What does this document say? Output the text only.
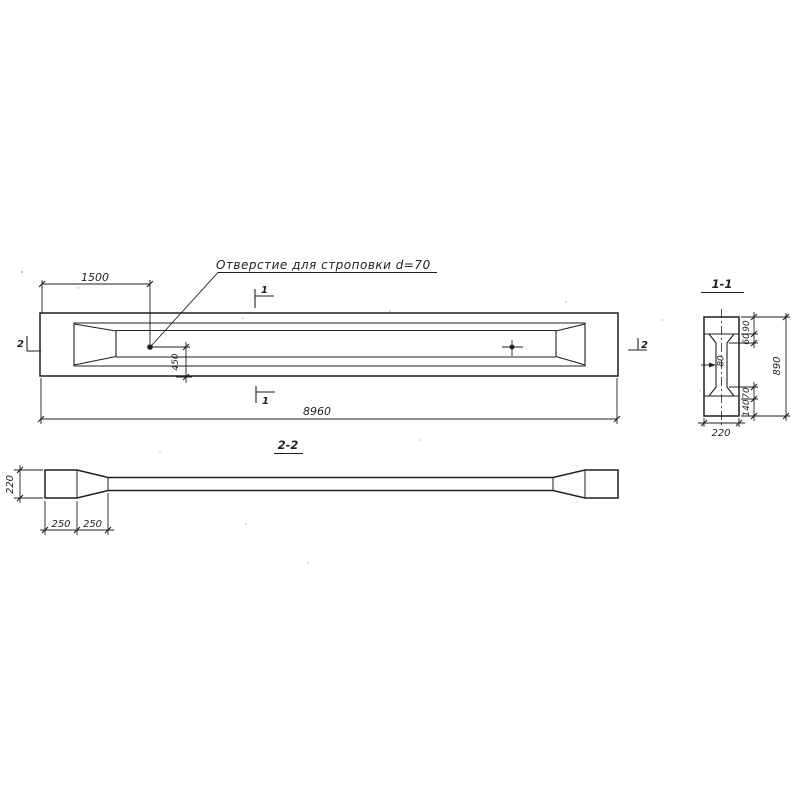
Отверстие для строповки d=70
1500
450
8960
1
1
2	2
1-1
80
90
60
70
140
890
220
2-2
220
250 250
